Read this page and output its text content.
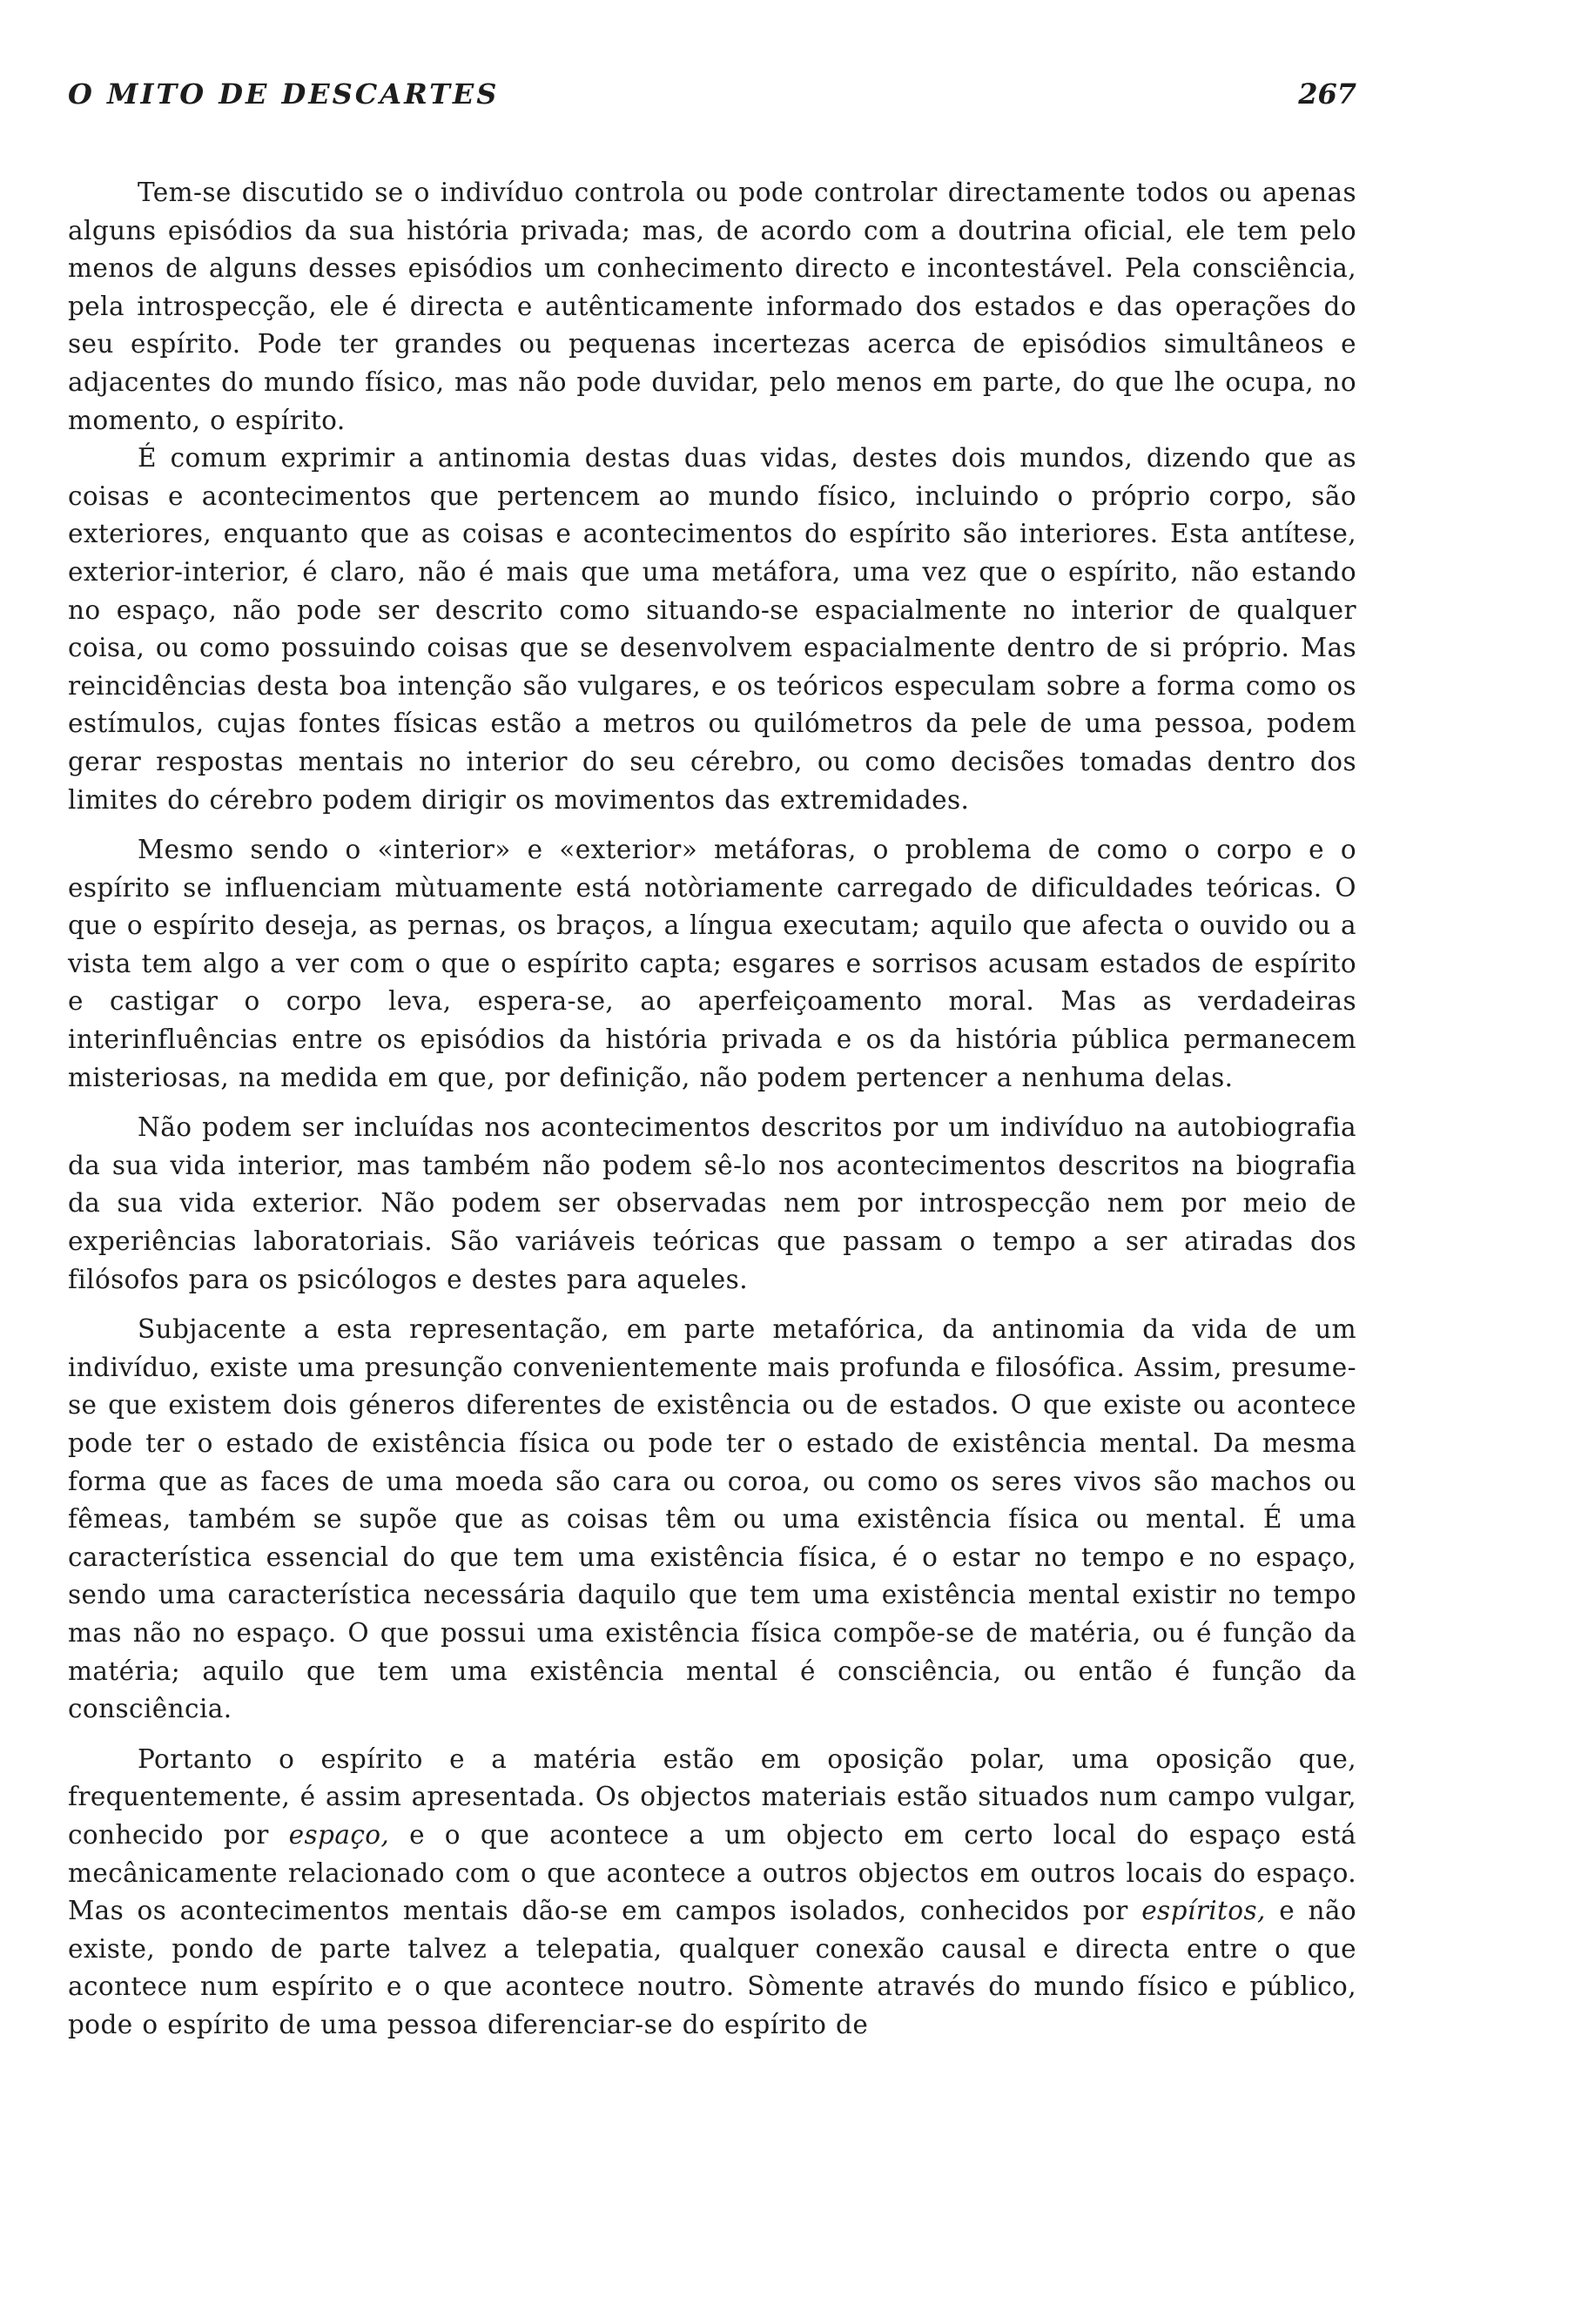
O MITO DE DESCARTES	267

Tem-se discutido se o indivíduo controla ou pode controlar directamente todos ou apenas alguns episódios da sua história privada; mas, de acordo com a doutrina oficial, ele tem pelo menos de alguns desses episódios um conhecimento directo e incontestável. Pela consciência, pela introspecção, ele é directa e autênticamente informado dos estados e das operações do seu espírito. Pode ter grandes ou pequenas incertezas acerca de episódios simultâneos e adjacentes do mundo físico, mas não pode duvidar, pelo menos em parte, do que lhe ocupa, no momento, o espírito.

É comum exprimir a antinomia destas duas vidas, destes dois mundos, dizendo que as coisas e acontecimentos que pertencem ao mundo físico, incluindo o próprio corpo, são exteriores, enquanto que as coisas e acontecimentos do espírito são interiores. Esta antítese, exterior-interior, é claro, não é mais que uma metáfora, uma vez que o espírito, não estando no espaço, não pode ser descrito como situando-se espacialmente no interior de qualquer coisa, ou como possuindo coisas que se desenvolvem espacialmente dentro de si próprio. Mas reincidências desta boa intenção são vulgares, e os teóricos especulam sobre a forma como os estímulos, cujas fontes físicas estão a metros ou quilómetros da pele de uma pessoa, podem gerar respostas mentais no interior do seu cérebro, ou como decisões tomadas dentro dos limites do cérebro podem dirigir os movimentos das extremidades.

Mesmo sendo o «interior» e «exterior» metáforas, o problema de como o corpo e o espírito se influenciam mùtuamente está notòriamente carregado de dificuldades teóricas. O que o espírito deseja, as pernas, os braços, a língua executam; aquilo que afecta o ouvido ou a vista tem algo a ver com o que o espírito capta; esgares e sorrisos acusam estados de espírito e castigar o corpo leva, espera-se, ao aperfeiçoamento moral. Mas as verdadeiras interinfluências entre os episódios da história privada e os da história pública permanecem misteriosas, na medida em que, por definição, não podem pertencer a nenhuma delas.

Não podem ser incluídas nos acontecimentos descritos por um indivíduo na autobiografia da sua vida interior, mas também não podem sê-lo nos acontecimentos descritos na biografia da sua vida exterior. Não podem ser observadas nem por introspecção nem por meio de experiências laboratoriais. São variáveis teóricas que passam o tempo a ser atiradas dos filósofos para os psicólogos e destes para aqueles.

Subjacente a esta representação, em parte metafórica, da antinomia da vida de um indivíduo, existe uma presunção convenientemente mais profunda e filosófica. Assim, presume-se que existem dois géneros diferentes de existência ou de estados. O que existe ou acontece pode ter o estado de existência física ou pode ter o estado de existência mental. Da mesma forma que as faces de uma moeda são cara ou coroa, ou como os seres vivos são machos ou fêmeas, também se supõe que as coisas têm ou uma existência física ou mental. É uma característica essencial do que tem uma existência física, é o estar no tempo e no espaço, sendo uma característica necessária daquilo que tem uma existência mental existir no tempo mas não no espaço. O que possui uma existência física compõe-se de matéria, ou é função da matéria; aquilo que tem uma existência mental é consciência, ou então é função da consciência.

Portanto o espírito e a matéria estão em oposição polar, uma oposição que, frequentemente, é assim apresentada. Os objectos materiais estão situados num campo vulgar, conhecido por espaço, e o que acontece a um objecto em certo local do espaço está mecânicamente relacionado com o que acontece a outros objectos em outros locais do espaço. Mas os acontecimentos mentais dão-se em campos isolados, conhecidos por espíritos, e não existe, pondo de parte talvez a telepatia, qualquer conexão causal e directa entre o que acontece num espírito e o que acontece noutro. Sòmente através do mundo físico e público, pode o espírito de uma pessoa diferenciar-se do espírito de
